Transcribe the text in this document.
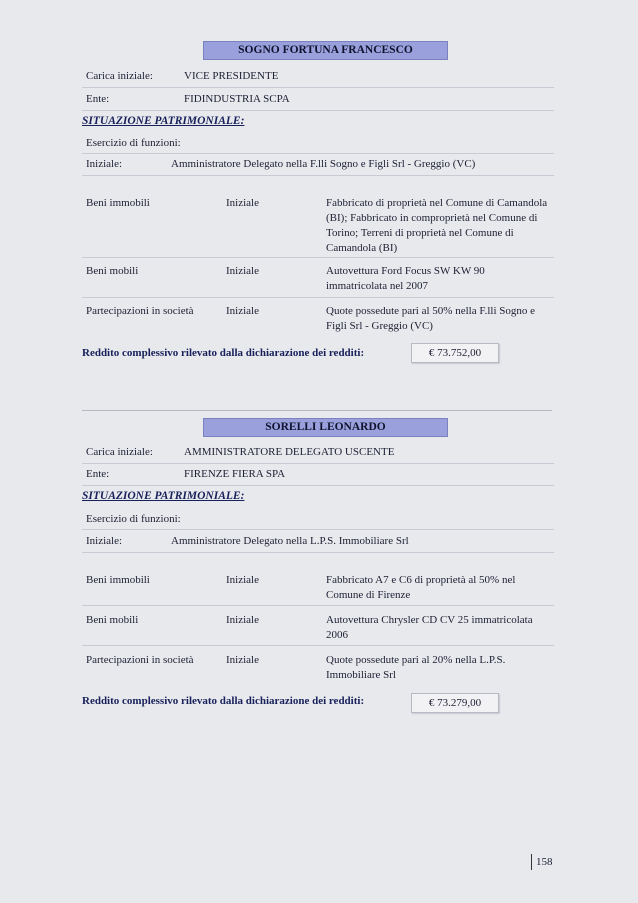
SOGNO FORTUNA FRANCESCO
Carica iniziale:	VICE PRESIDENTE
Ente:	FIDINDUSTRIA SCPA
SITUAZIONE PATRIMONIALE:
Esercizio di funzioni:
Iniziale:	Amministratore Delegato nella F.lli Sogno e Figli Srl - Greggio (VC)
Beni immobili	Iniziale	Fabbricato di proprietà nel Comune di Camandola (BI); Fabbricato in comproprietà nel Comune di Torino; Terreni di proprietà nel Comune di Camandola (BI)
Beni mobili	Iniziale	Autovettura Ford Focus SW KW 90 immatricolata nel 2007
Partecipazioni in società	Iniziale	Quote possedute pari al 50% nella F.lli Sogno e Figli Srl - Greggio (VC)
Reddito complessivo rilevato dalla dichiarazione dei redditi:	€ 73.752,00
SORELLI LEONARDO
Carica iniziale:	AMMINISTRATORE DELEGATO USCENTE
Ente:	FIRENZE FIERA SPA
SITUAZIONE PATRIMONIALE:
Esercizio di funzioni:
Iniziale:	Amministratore Delegato nella L.P.S. Immobiliare Srl
Beni immobili	Iniziale	Fabbricato A7 e C6 di proprietà al 50% nel Comune di Firenze
Beni mobili	Iniziale	Autovettura Chrysler CD CV 25 immatricolata 2006
Partecipazioni in società	Iniziale	Quote possedute pari al 20% nella L.P.S. Immobiliare Srl
Reddito complessivo rilevato dalla dichiarazione dei redditi:	€ 73.279,00
158
